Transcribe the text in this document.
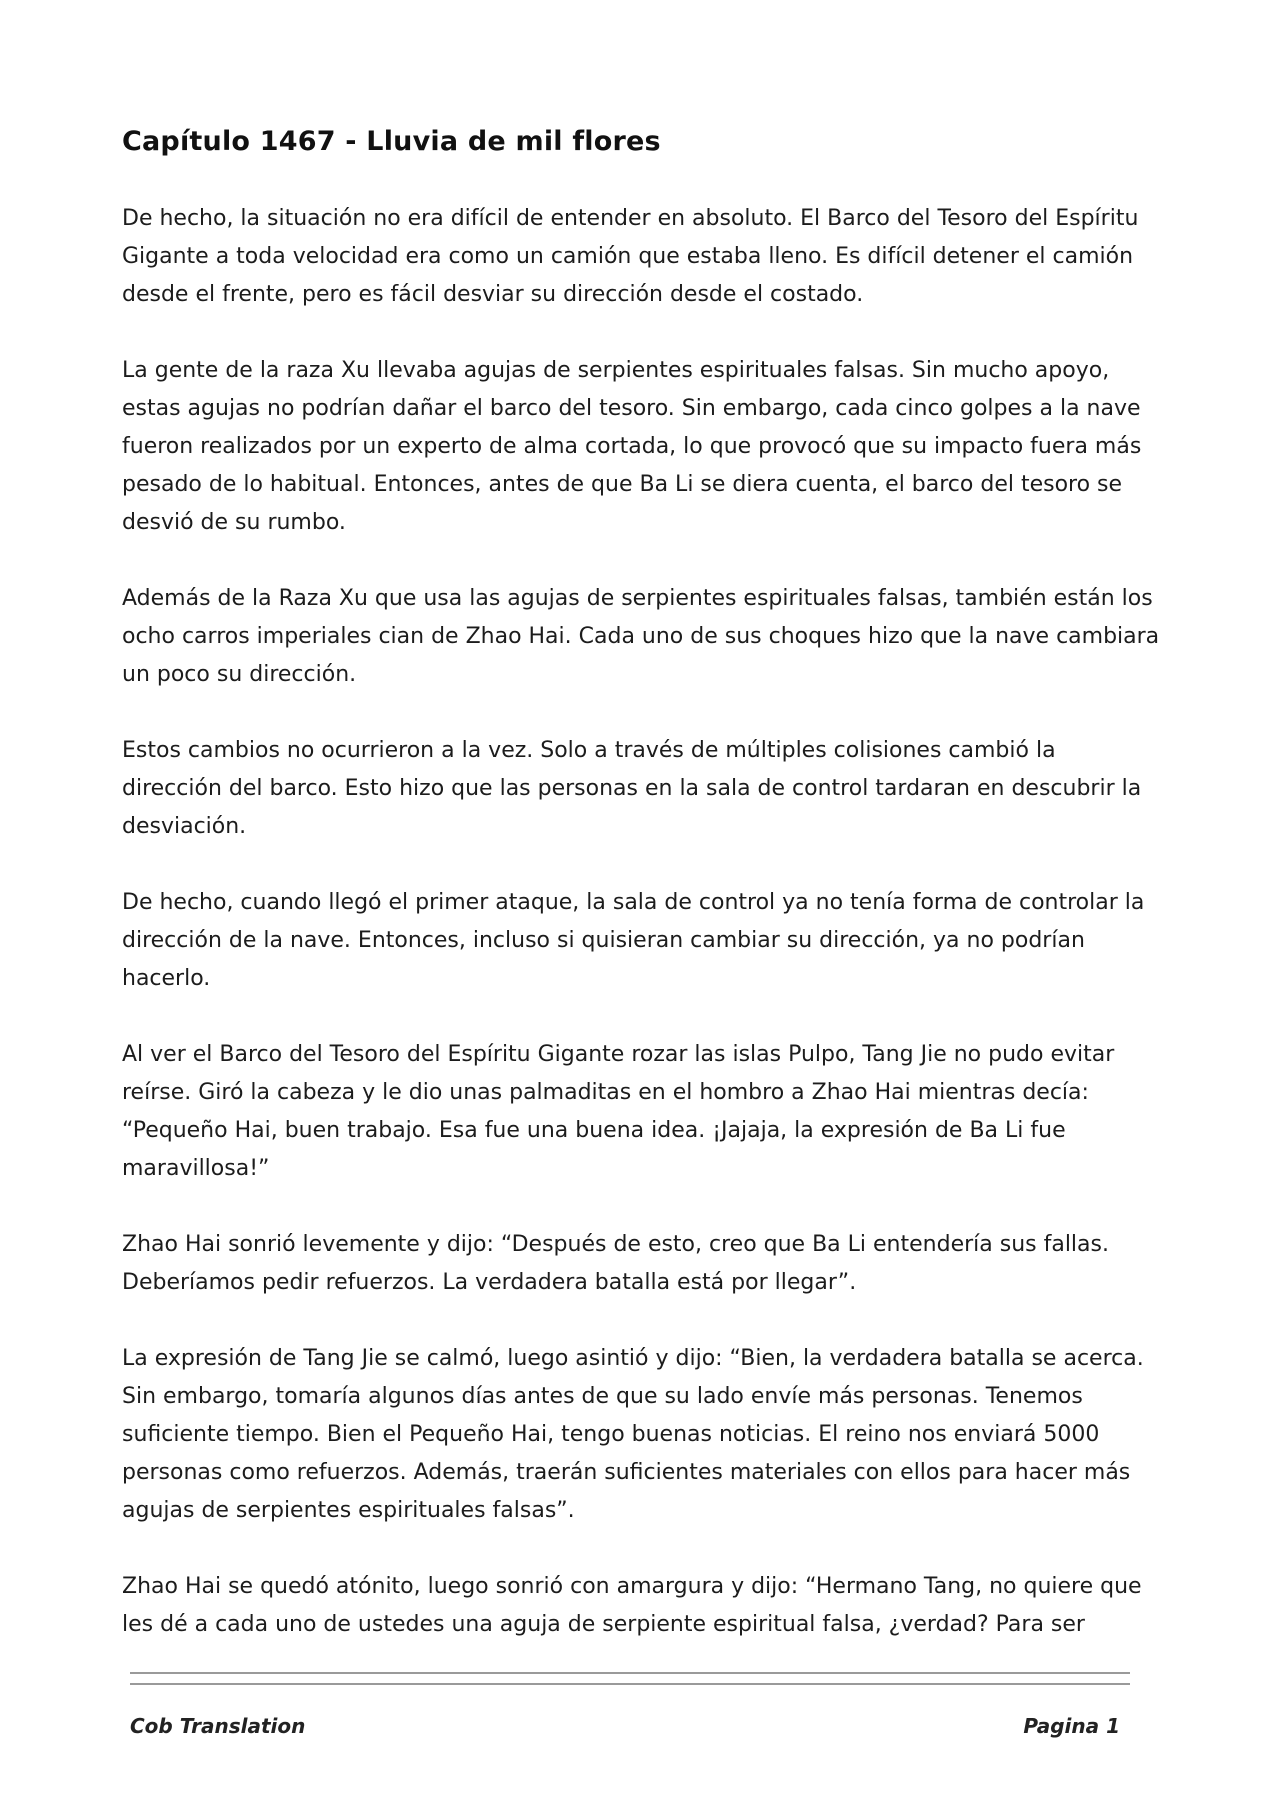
Capítulo 1467 - Lluvia de mil flores

De hecho, la situación no era difícil de entender en absoluto. El Barco del Tesoro del Espíritu Gigante a toda velocidad era como un camión que estaba lleno. Es difícil detener el camión desde el frente, pero es fácil desviar su dirección desde el costado.

La gente de la raza Xu llevaba agujas de serpientes espirituales falsas. Sin mucho apoyo, estas agujas no podrían dañar el barco del tesoro. Sin embargo, cada cinco golpes a la nave fueron realizados por un experto de alma cortada, lo que provocó que su impacto fuera más pesado de lo habitual. Entonces, antes de que Ba Li se diera cuenta, el barco del tesoro se desvió de su rumbo.

Además de la Raza Xu que usa las agujas de serpientes espirituales falsas, también están los ocho carros imperiales cian de Zhao Hai. Cada uno de sus choques hizo que la nave cambiara un poco su dirección.

Estos cambios no ocurrieron a la vez. Solo a través de múltiples colisiones cambió la dirección del barco. Esto hizo que las personas en la sala de control tardaran en descubrir la desviación.

De hecho, cuando llegó el primer ataque, la sala de control ya no tenía forma de controlar la dirección de la nave. Entonces, incluso si quisieran cambiar su dirección, ya no podrían hacerlo.

Al ver el Barco del Tesoro del Espíritu Gigante rozar las islas Pulpo, Tang Jie no pudo evitar reírse. Giró la cabeza y le dio unas palmaditas en el hombro a Zhao Hai mientras decía: “Pequeño Hai, buen trabajo. Esa fue una buena idea. ¡Jajaja, la expresión de Ba Li fue maravillosa!”

Zhao Hai sonrió levemente y dijo: “Después de esto, creo que Ba Li entendería sus fallas. Deberíamos pedir refuerzos. La verdadera batalla está por llegar”.

La expresión de Tang Jie se calmó, luego asintió y dijo: “Bien, la verdadera batalla se acerca. Sin embargo, tomaría algunos días antes de que su lado envíe más personas. Tenemos suficiente tiempo. Bien el Pequeño Hai, tengo buenas noticias. El reino nos enviará 5000 personas como refuerzos. Además, traerán suficientes materiales con ellos para hacer más agujas de serpientes espirituales falsas”.

Zhao Hai se quedó atónito, luego sonrió con amargura y dijo: “Hermano Tang, no quiere que les dé a cada uno de ustedes una aguja de serpiente espiritual falsa, ¿verdad? Para ser

Cob Translation	Pagina 1
